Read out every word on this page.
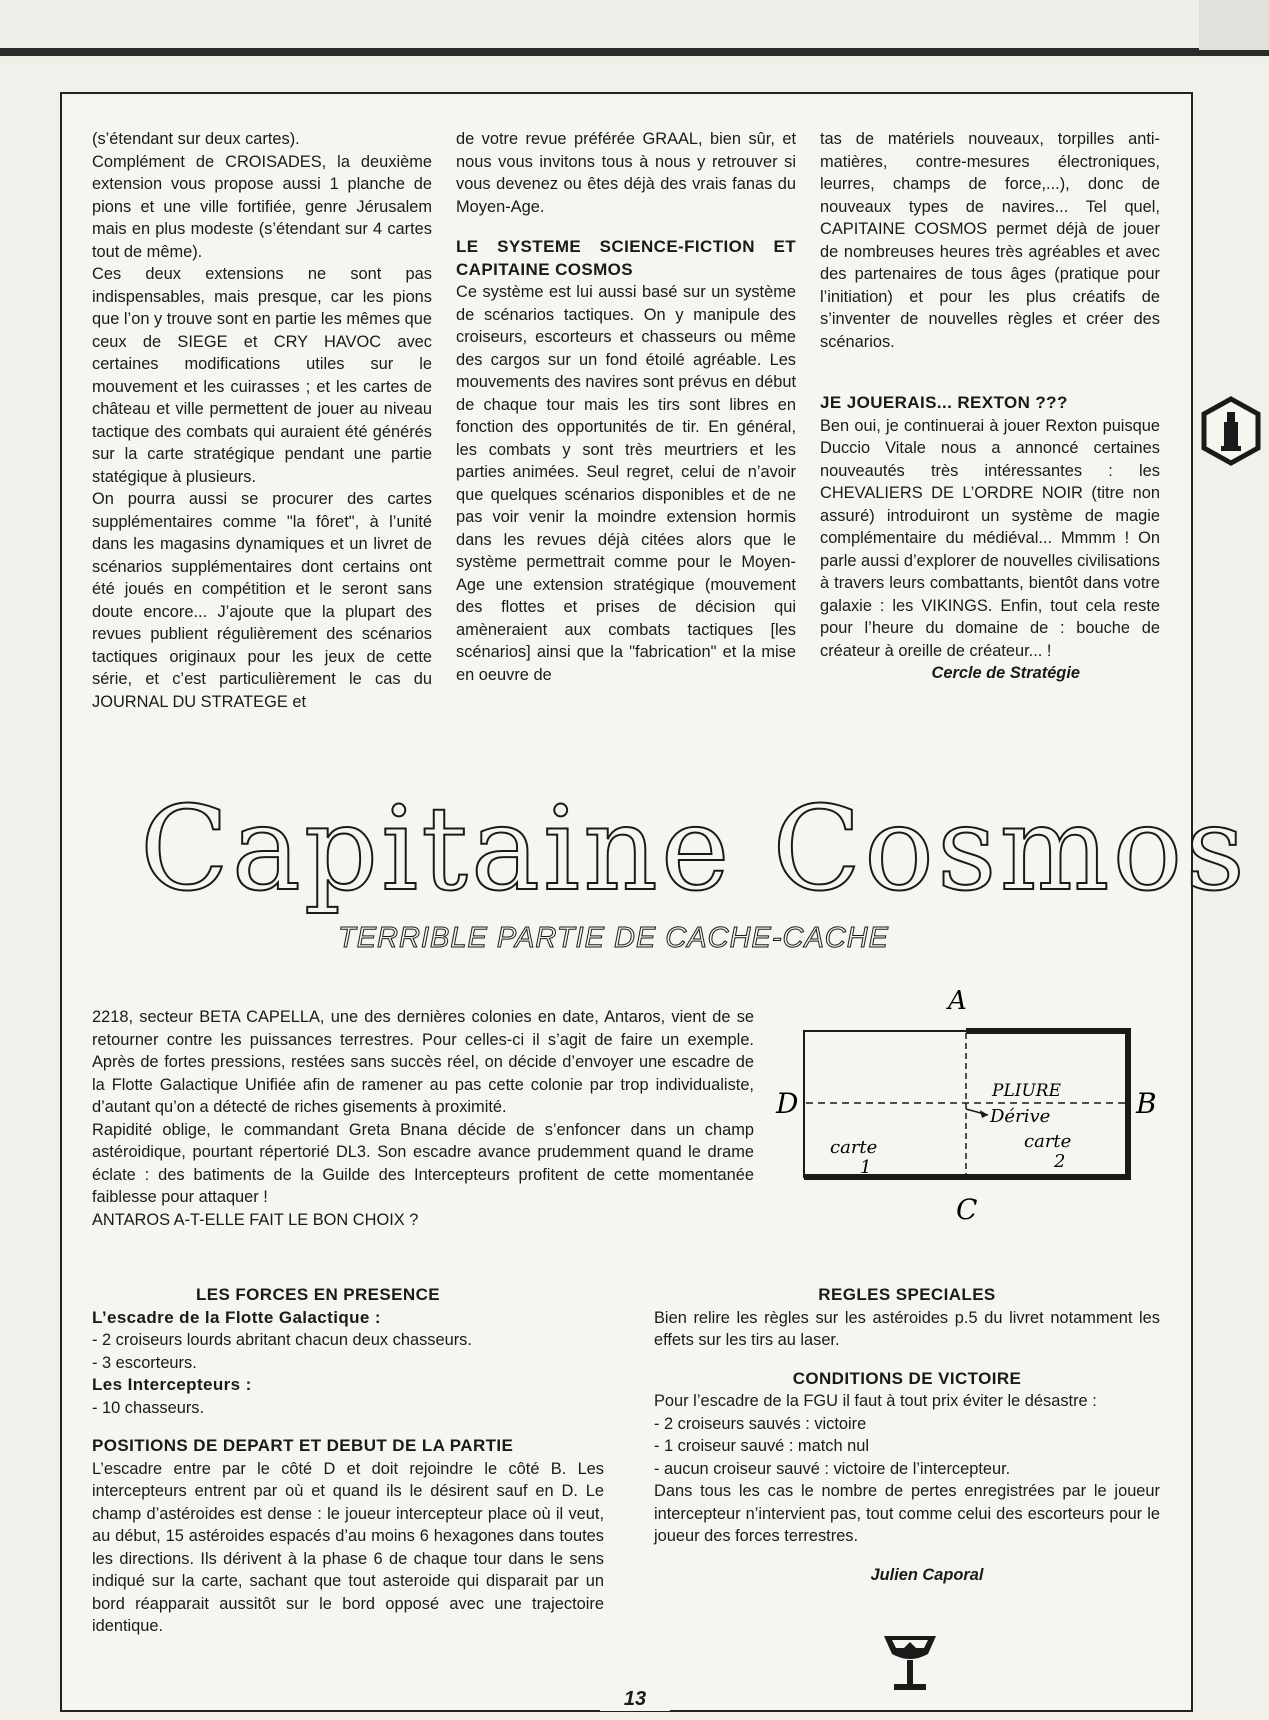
(s’étendant sur deux cartes).

Complément de CROISADES, la deuxième extension vous propose aussi 1 planche de pions et une ville fortifiée, genre Jérusalem mais en plus modeste (s’étendant sur 4 cartes tout de même).

Ces deux extensions ne sont pas indispensables, mais presque, car les pions que l’on y trouve sont en partie les mêmes que ceux de SIEGE et CRY HAVOC avec certaines modifications utiles sur le mouvement et les cuirasses ; et les cartes de château et ville permettent de jouer au niveau tactique des combats qui auraient été générés sur la carte stratégique pendant une partie statégique à plusieurs.

On pourra aussi se procurer des cartes supplémentaires comme "la fôret", à l’unité dans les magasins dynamiques et un livret de scénarios supplémentaires dont certains ont été joués en compétition et le seront sans doute encore... J’ajoute que la plupart des revues publient régulièrement des scénarios tactiques originaux pour les jeux de cette série, et c’est particulièrement le cas du JOURNAL DU STRATEGE et

de votre revue préférée GRAAL, bien sûr, et nous vous invitons tous à nous y retrouver si vous devenez ou êtes déjà des vrais fanas du Moyen-Age.

LE SYSTEME SCIENCE-FICTION ET CAPITAINE COSMOS

Ce système est lui aussi basé sur un système de scénarios tactiques. On y manipule des croiseurs, escorteurs et chasseurs ou même des cargos sur un fond étoilé agréable. Les mouvements des navires sont prévus en début de chaque tour mais les tirs sont libres en fonction des opportunités de tir. En général, les combats y sont très meurtriers et les parties animées. Seul regret, celui de n’avoir que quelques scénarios disponibles et de ne pas voir venir la moindre extension hormis dans les revues déjà citées alors que le système permettrait comme pour le Moyen-Age une extension stratégique (mouvement des flottes et prises de décision qui amèneraient aux combats tactiques [les scénarios] ainsi que la "fabrication" et la mise en oeuvre de

tas de matériels nouveaux, torpilles anti-matières, contre-mesures électroniques, leurres, champs de force,...), donc de nouveaux types de navires... Tel quel, CAPITAINE COSMOS permet déjà de jouer de nombreuses heures très agréables et avec des partenaires de tous âges (pratique pour l’initiation) et pour les plus créatifs de s’inventer de nouvelles règles et créer des scénarios.

JE JOUERAIS... REXTON ???

Ben oui, je continuerai à jouer Rexton puisque Duccio Vitale nous a annoncé certaines nouveautés très intéressantes : les CHEVALIERS DE L’ORDRE NOIR (titre non assuré) introduiront un système de magie complémentaire du médiéval... Mmmm ! On parle aussi d’explorer de nouvelles civilisations à travers leurs combattants, bientôt dans votre galaxie : les VIKINGS. Enfin, tout cela reste pour l’heure du domaine de : bouche de créateur à oreille de créateur... !

Cercle de Stratégie

Capitaine Cosmos
TERRIBLE PARTIE DE CACHE-CACHE

2218, secteur BETA CAPELLA, une des dernières colonies en date, Antaros, vient de se retourner contre les puissances terrestres. Pour celles-ci il s’agit de faire un exemple. Après de fortes pressions, restées sans succès réel, on décide d’envoyer une escadre de la Flotte Galactique Unifiée afin de ramener au pas cette colonie par trop individualiste, d’autant qu’on a détecté de riches gisements à proximité.

Rapidité oblige, le commandant Greta Bnana décide de s’enfoncer dans un champ astéroidique, pourtant répertorié DL3. Son escadre avance prudemment quand le drame éclate : des batiments de la Guilde des Intercepteurs profitent de cette momentanée faiblesse pour attaquer !

ANTAROS A-T-ELLE FAIT LE BON CHOIX ?

A
PLIURE
Dérive
carte
1
carte
2
D	B
C
LES FORCES EN PRESENCE
L’escadre de la Flotte Galactique :

- 2 croiseurs lourds abritant chacun deux chasseurs.

- 3 escorteurs.

Les Intercepteurs :

- 10 chasseurs.

POSITIONS DE DEPART ET DEBUT DE LA PARTIE

L’escadre entre par le côté D et doit rejoindre le côté B. Les intercepteurs entrent par où et quand ils le désirent sauf en D. Le champ d’astéroides est dense : le joueur intercepteur place où il veut, au début, 15 astéroides espacés d’au moins 6 hexagones dans toutes les directions. Ils dérivent à la phase 6 de chaque tour dans le sens indiqué sur la carte, sachant que tout asteroide qui disparait par un bord réapparait aussitôt sur le bord opposé avec une trajectoire identique.

REGLES SPECIALES

Bien relire les règles sur les astéroides p.5 du livret notamment les effets sur les tirs au laser.

CONDITIONS DE VICTOIRE

Pour l’escadre de la FGU il faut à tout prix éviter le désastre :

- 2 croiseurs sauvés : victoire

- 1 croiseur sauvé : match nul

- aucun croiseur sauvé : victoire de l’intercepteur.

Dans tous les cas le nombre de pertes enregistrées par le joueur intercepteur n’intervient pas, tout comme celui des escorteurs pour le joueur des forces terrestres.

Julien Caporal

13
